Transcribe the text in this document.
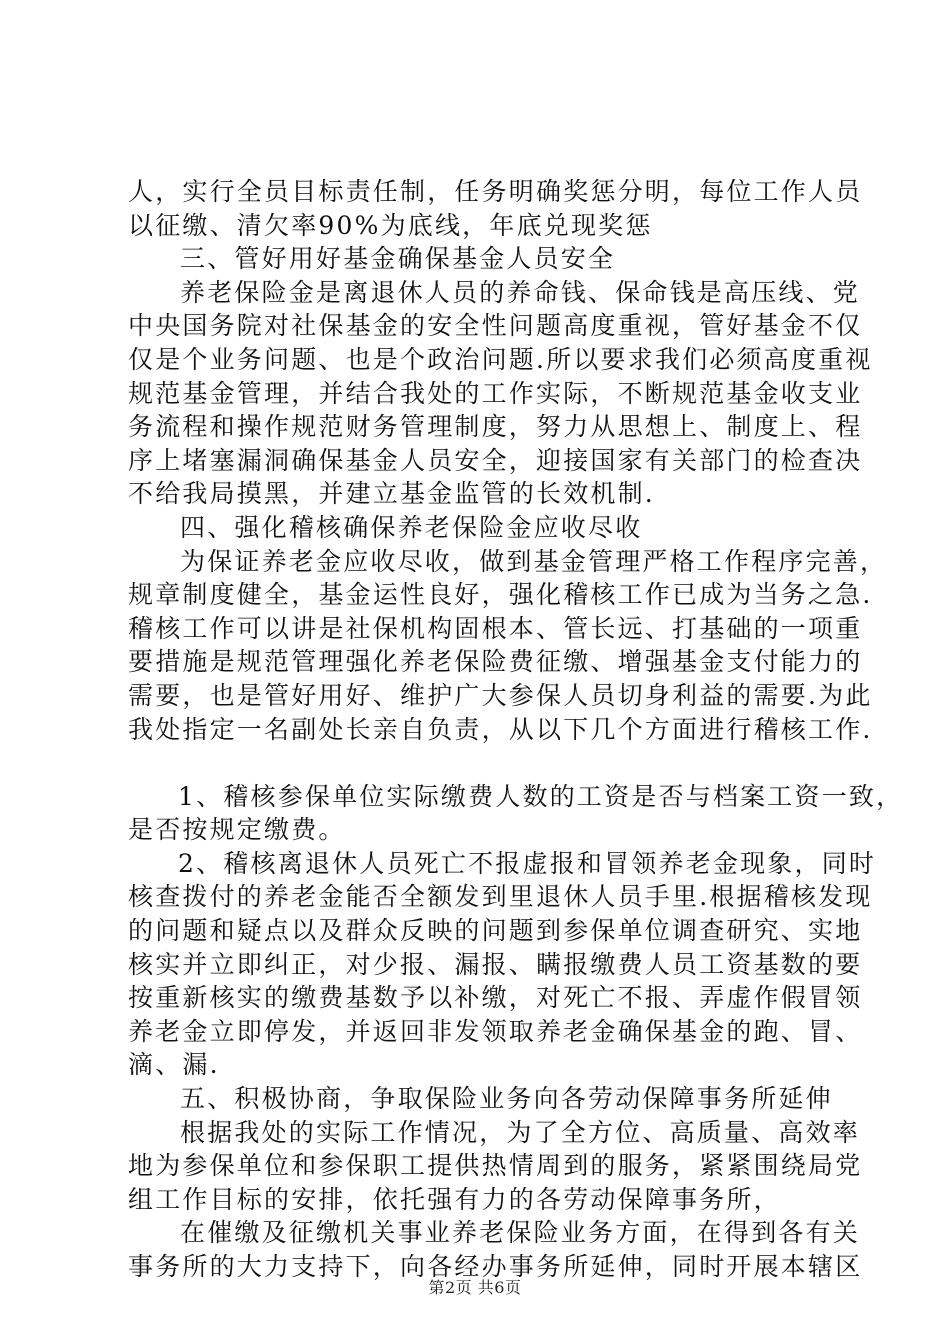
人，实行全员目标责任制，任务明确奖惩分明，每位工作人员
以征缴、清欠率90%为底线，年底兑现奖惩
三、管好用好基金确保基金人员安全
养老保险金是离退休人员的养命钱、保命钱是高压线、党
中央国务院对社保基金的安全性问题高度重视，管好基金不仅
仅是个业务问题、也是个政治问题.所以要求我们必须高度重视
规范基金管理，并结合我处的工作实际，不断规范基金收支业
务流程和操作规范财务管理制度，努力从思想上、制度上、程
序上堵塞漏洞确保基金人员安全，迎接国家有关部门的检查决
不给我局摸黑，并建立基金监管的长效机制.
四、强化稽核确保养老保险金应收尽收
为保证养老金应收尽收，做到基金管理严格工作程序完善，
规章制度健全，基金运性良好，强化稽核工作已成为当务之急.
稽核工作可以讲是社保机构固根本、管长远、打基础的一项重
要措施是规范管理强化养老保险费征缴、增强基金支付能力的
需要，也是管好用好、维护广大参保人员切身利益的需要.为此
我处指定一名副处长亲自负责，从以下几个方面进行稽核工作.
1、稽核参保单位实际缴费人数的工资是否与档案工资一致，
是否按规定缴费。
2、稽核离退休人员死亡不报虚报和冒领养老金现象，同时
核查拨付的养老金能否全额发到里退休人员手里.根据稽核发现
的问题和疑点以及群众反映的问题到参保单位调查研究、实地
核实并立即纠正，对少报、漏报、瞒报缴费人员工资基数的要
按重新核实的缴费基数予以补缴，对死亡不报、弄虚作假冒领
养老金立即停发，并返回非发领取养老金确保基金的跑、冒、
滴、漏.
五、积极协商，争取保险业务向各劳动保障事务所延伸
根据我处的实际工作情况，为了全方位、高质量、高效率
地为参保单位和参保职工提供热情周到的服务，紧紧围绕局党
组工作目标的安排，依托强有力的各劳动保障事务所，
在催缴及征缴机关事业养老保险业务方面，在得到各有关
事务所的大力支持下，向各经办事务所延伸，同时开展本辖区
第2页 共6页
